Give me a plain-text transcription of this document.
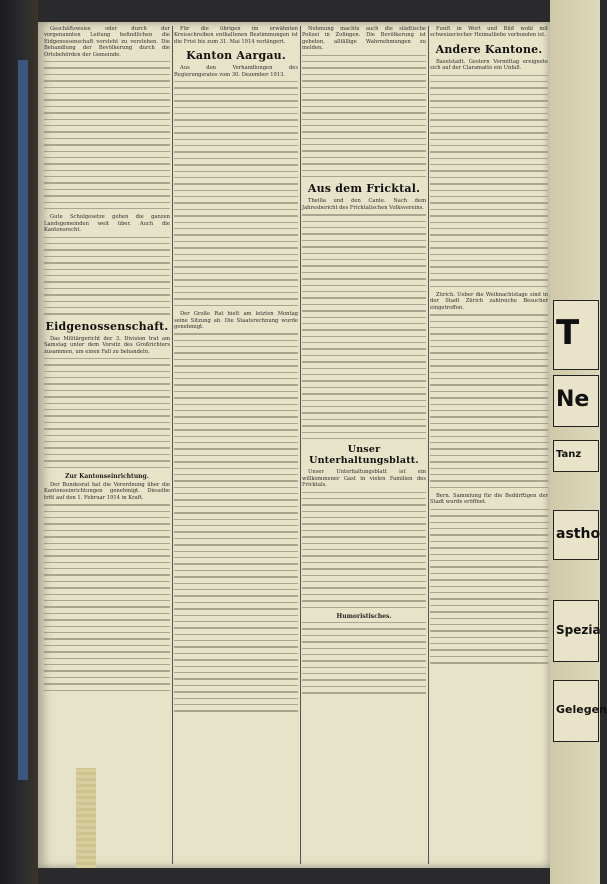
Geschäftsweise oder durch der vorgenannten Leitung befindlichen die Eidgenossenschaft vorsteht zu verstehen. Die Behandlung der Bevölkerung durch die Ortsbehörden der Gemeinde.

Gute Schulgesetze gehen die ganzen Landsgemeinden weit über. Auch die Kantonsrecht.

Eidgenossenschaft.

Das Militärgericht der 3. Division trat am Samstag unter dem Vorsitz des Großrichters zusammen, um einen Fall zu behandeln.

Zur Kantonseinrichtung.

Der Bundesrat hat die Verordnung über die Kantonseinrichtungen genehmigt. Dieselbe tritt auf den 1. Februar 1914 in Kraft.

Für die übrigen im erwähnten Kreisschreiben enthaltenen Bestimmungen ist die Frist bis zum 31. Mai 1914 verlängert.

Kanton Aargau.

Aus den Verhandlungen des Regierungsrates vom 30. Dezember 1913.

Der Große Rat hielt am letzten Montag seine Sitzung ab. Die Staatsrechnung wurde genehmigt.

Nehmung machte auch die städtische Polizei in Zofingen. Die Bevölkerung ist gebeten, allfällige Wahrnehmungen zu melden.

Aus dem Fricktal.

Theilla und den Cante. Nach dem Jahresbericht des Fricktalischen Volksvereins.

Unser Unterhaltungsblatt.

Unser Unterhaltungsblatt ist ein willkommener Gast in vielen Familien des Fricktals.

Humoristisches.

Funft in Wort und Bild wohl mit schweizerischer Heimatliebe verbunden ist.

Andere Kantone.

Baselstadt. Gestern Vormittag ereignete sich auf der Claramatte ein Unfall.

Zürich. Ueber die Weihnachtstage sind in der Stadt Zürich zahlreiche Besucher eingetroffen.

Bern. Sammlung für die Bedürftigen der Stadt wurde eröffnet.

T
Ne
Tanz
astho
Spezia
Gelegen
